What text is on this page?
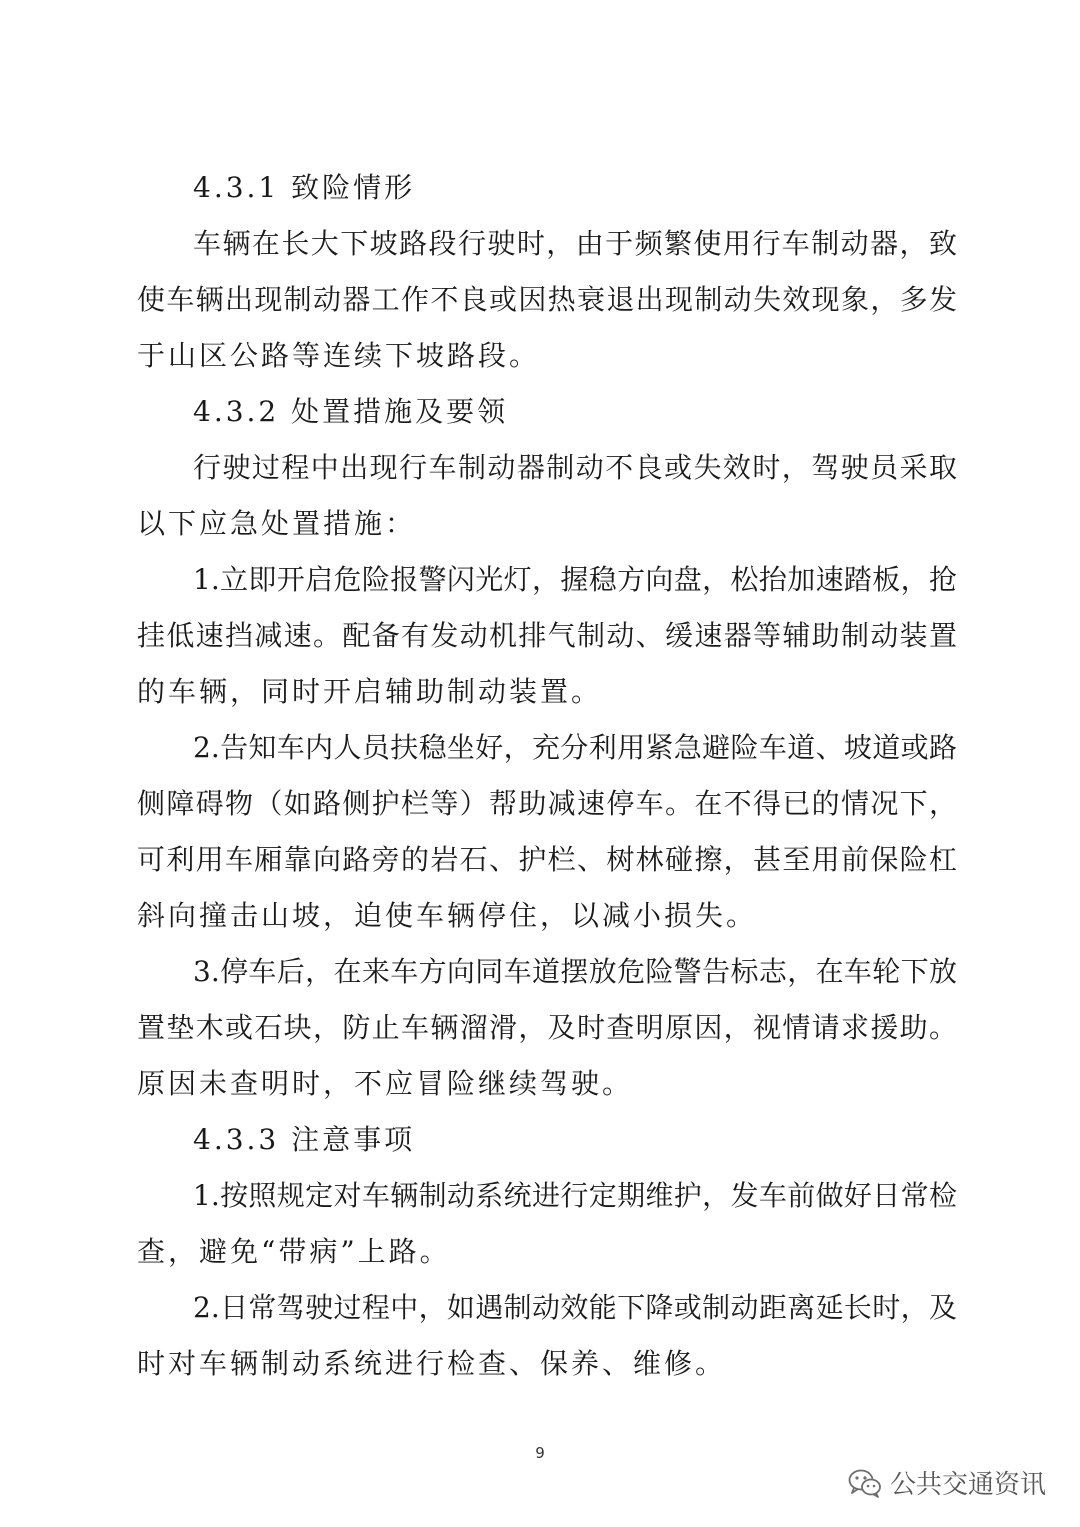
4.3.1 致险情形
车辆在长大下坡路段行驶时，由于频繁使用行车制动器，致
使车辆出现制动器工作不良或因热衰退出现制动失效现象，多发
于山区公路等连续下坡路段。
4.3.2 处置措施及要领
行驶过程中出现行车制动器制动不良或失效时，驾驶员采取
以下应急处置措施：
1.立即开启危险报警闪光灯，握稳方向盘，松抬加速踏板，抢
挂低速挡减速。配备有发动机排气制动、缓速器等辅助制动装置
的车辆，同时开启辅助制动装置。
2.告知车内人员扶稳坐好，充分利用紧急避险车道、坡道或路
侧障碍物（如路侧护栏等）帮助减速停车。在不得已的情况下，
可利用车厢靠向路旁的岩石、护栏、树林碰擦，甚至用前保险杠
斜向撞击山坡，迫使车辆停住，以减小损失。
3.停车后，在来车方向同车道摆放危险警告标志，在车轮下放
置垫木或石块，防止车辆溜滑，及时查明原因，视情请求援助。
原因未查明时，不应冒险继续驾驶。
4.3.3 注意事项
1.按照规定对车辆制动系统进行定期维护，发车前做好日常检
查，避免“带病”上路。
2.日常驾驶过程中，如遇制动效能下降或制动距离延长时，及
时对车辆制动系统进行检查、保养、维修。
9
公共交通资讯
